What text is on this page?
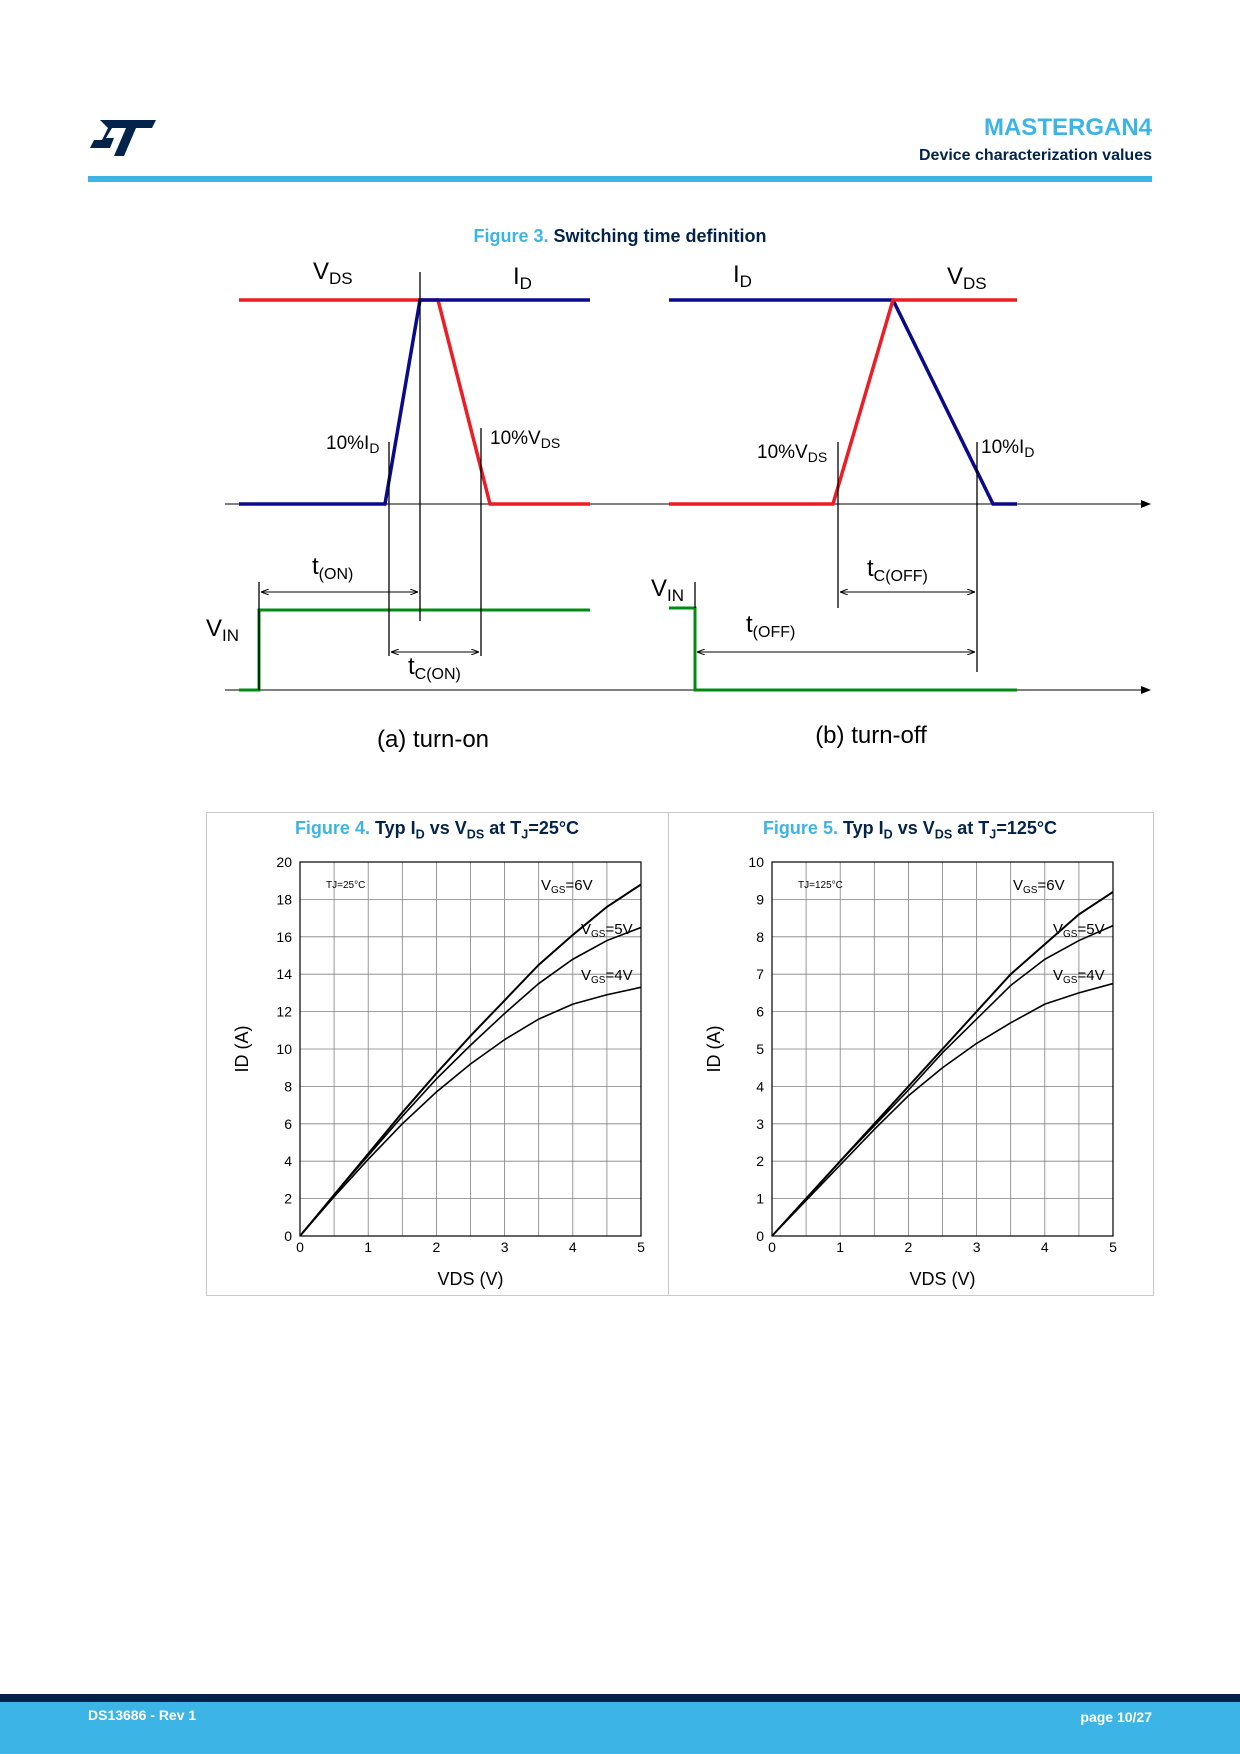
MASTERGAN4
Device characterization values
Figure 3. Switching time definition
$V_{DS}$	$I_D$	$I_D$	$V_{DS}$
$10\%I_D$	$10\%V_{DS}$	$10\%V_{DS}$	$10\%I_D$
$t_{(ON)}$
$V_{IN}$
$t_{C(ON)}$
$V_{IN}$
$t_{C(OFF)}$
$t_{(OFF)}$
(a) turn-on	(b) turn-off
Figure 4. Typ $I_D$ vs $V_{DS}$ at $T_J=25^\circ C$	Figure 5. Typ $I_D$ vs $V_{DS}$ at $T_J=125^\circ C$
0	1	2	3	4	5
0
2
4
6
8
10
12
14
16
18
20
VDS (V)
ID (A)
TJ=25°C	$V_{GS}=6V$
$V_{GS}=5V$
$V_{GS}=4V$
0	1	2	3	4	5
0
1
2
3
4
5
6
7
8
9
10
VDS (V)
ID (A)
TJ=125°C	$V_{GS}=6V$
$V_{GS}=5V$
$V_{GS}=4V$
DS13686 - Rev 1	page 10/27
